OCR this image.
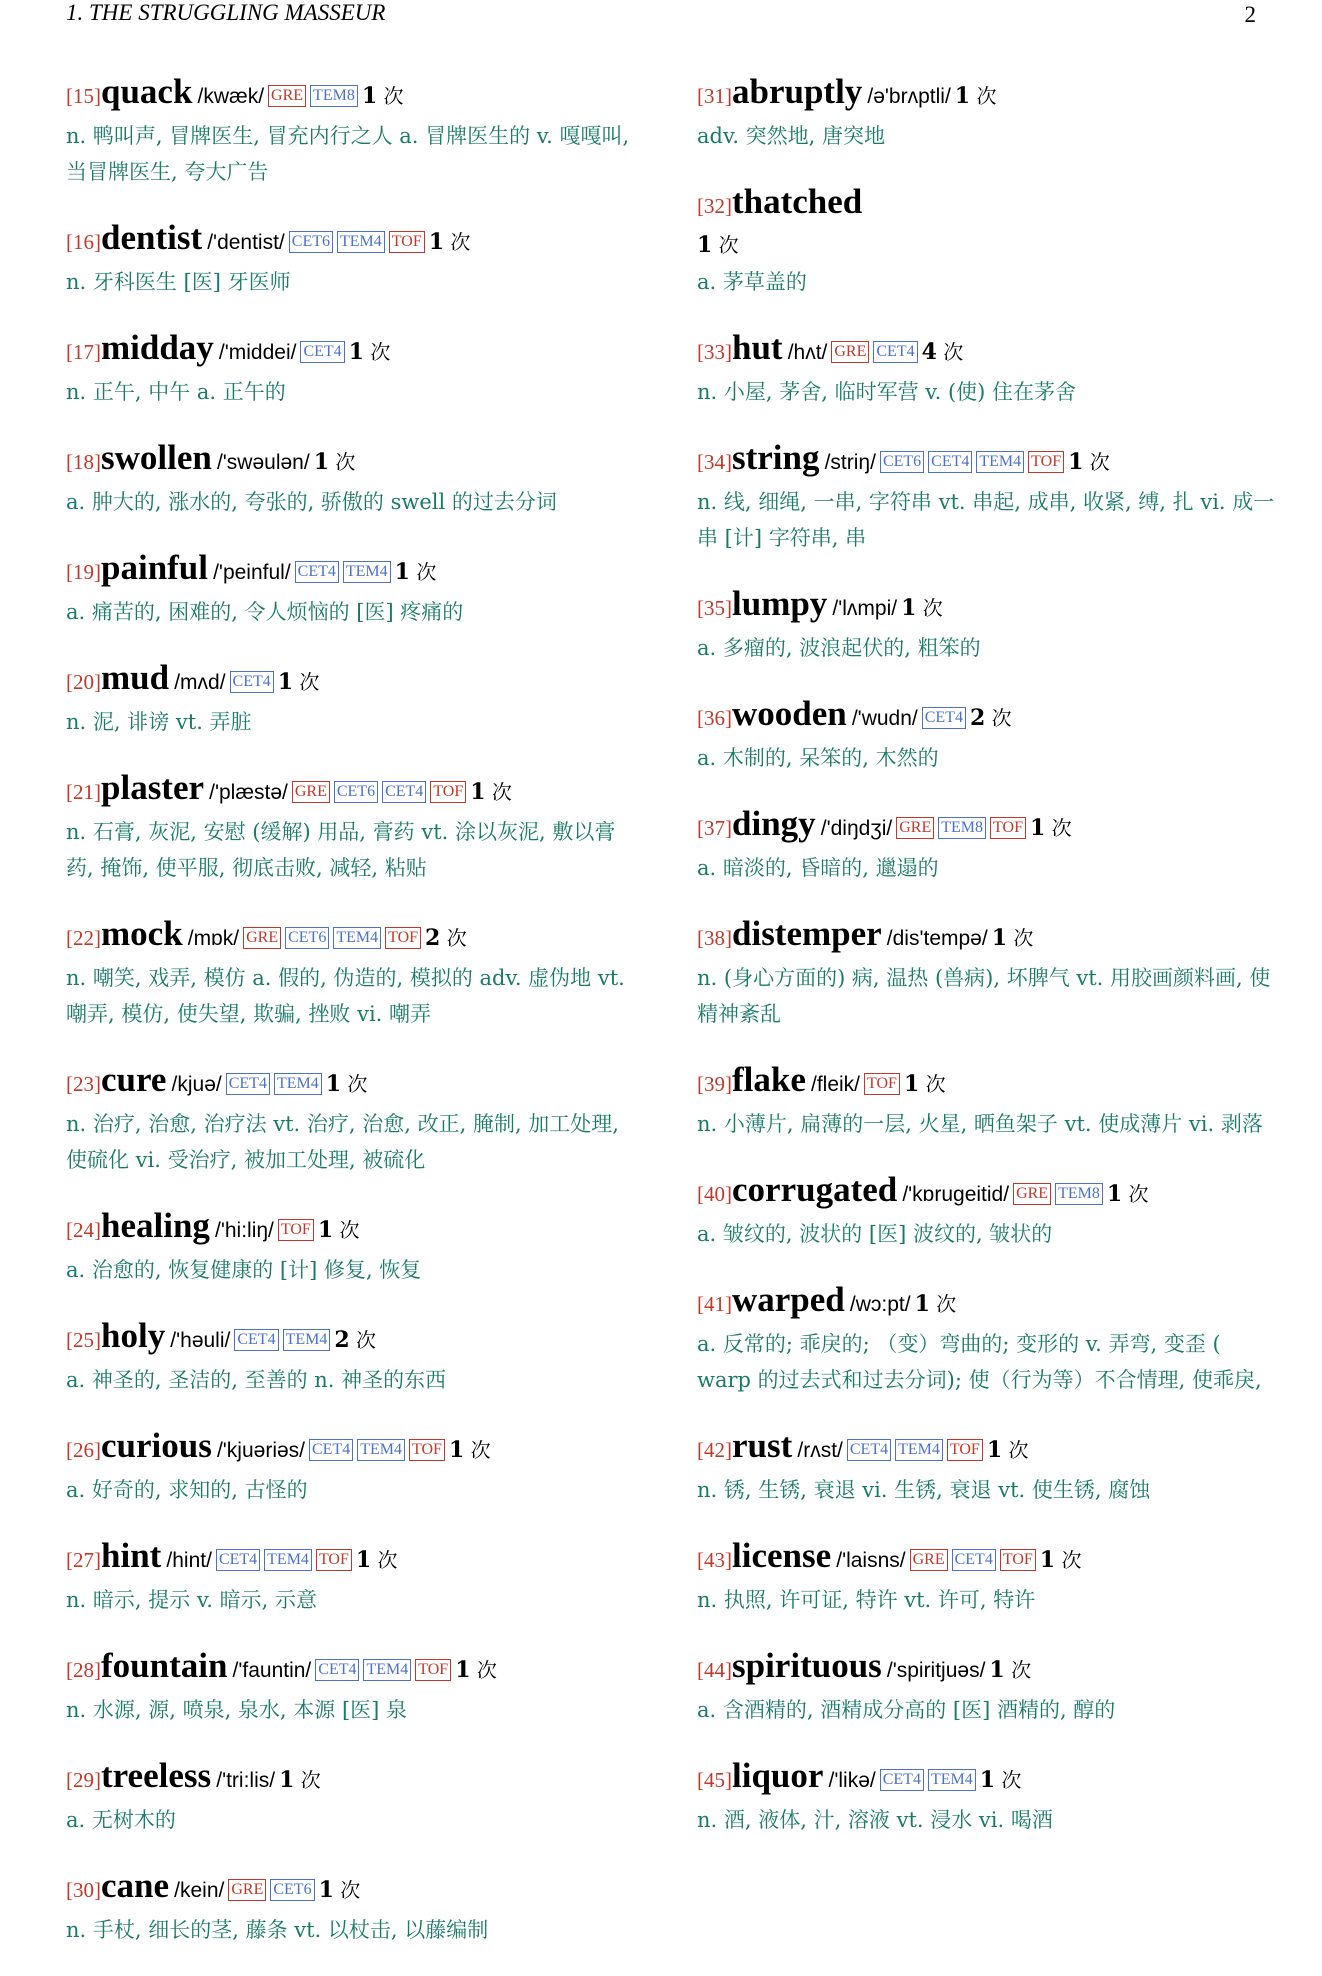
1. THE STRUGGLING MASSEUR	2
[15]quack /kwæk/ GRE TEM8 1 次
n. 鸭叫声, 冒牌医生, 冒充内行之人 a. 冒牌医生的 v. 嘎嘎叫, 当冒牌医生, 夸大广告
[16]dentist /'dentist/ CET6 TEM4 TOF 1 次
n. 牙科医生 [医] 牙医师
[17]midday /'middei/ CET4 1 次
n. 正午, 中午 a. 正午的
[18]swollen /'swəulən/ 1 次
a. 肿大的, 涨水的, 夸张的, 骄傲的 swell 的过去分词
[19]painful /'peinful/ CET4 TEM4 1 次
a. 痛苦的, 困难的, 令人烦恼的 [医] 疼痛的
[20]mud /mʌd/ CET4 1 次
n. 泥, 诽谤 vt. 弄脏
[21]plaster /'plæstə/ GRE CET6 CET4 TOF 1 次
n. 石膏, 灰泥, 安慰 (缓解) 用品, 膏药 vt. 涂以灰泥, 敷以膏药, 掩饰, 使平服, 彻底击败, 减轻, 粘贴
[22]mock /mɒk/ GRE CET6 TEM4 TOF 2 次
n. 嘲笑, 戏弄, 模仿 a. 假的, 伪造的, 模拟的 adv. 虚伪地 vt. 嘲弄, 模仿, 使失望, 欺骗, 挫败 vi. 嘲弄
[23]cure /kjuə/ CET4 TEM4 1 次
n. 治疗, 治愈, 治疗法 vt. 治疗, 治愈, 改正, 腌制, 加工处理, 使硫化 vi. 受治疗, 被加工处理, 被硫化
[24]healing /'hi:liŋ/ TOF 1 次
a. 治愈的, 恢复健康的 [计] 修复, 恢复
[25]holy /'həuli/ CET4 TEM4 2 次
a. 神圣的, 圣洁的, 至善的 n. 神圣的东西
[26]curious /'kjuəriəs/ CET4 TEM4 TOF 1 次
a. 好奇的, 求知的, 古怪的
[27]hint /hint/ CET4 TEM4 TOF 1 次
n. 暗示, 提示 v. 暗示, 示意
[28]fountain /'fauntin/ CET4 TEM4 TOF 1 次
n. 水源, 源, 喷泉, 泉水, 本源 [医] 泉
[29]treeless /'tri:lis/ 1 次
a. 无树木的
[30]cane /kein/ GRE CET6 1 次
n. 手杖, 细长的茎, 藤条 vt. 以杖击, 以藤编制
[31]abruptly /ə'brʌptli/ 1 次
adv. 突然地, 唐突地
[32]thatched
1 次
a. 茅草盖的
[33]hut /hʌt/ GRE CET4 4 次
n. 小屋, 茅舍, 临时军营 v. (使) 住在茅舍
[34]string /striŋ/ CET6 CET4 TEM4 TOF 1 次
n. 线, 细绳, 一串, 字符串 vt. 串起, 成串, 收紧, 缚, 扎 vi. 成一串 [计] 字符串, 串
[35]lumpy /'lʌmpi/ 1 次
a. 多瘤的, 波浪起伏的, 粗笨的
[36]wooden /'wudn/ CET4 2 次
a. 木制的, 呆笨的, 木然的
[37]dingy /'diŋdʒi/ GRE TEM8 TOF 1 次
a. 暗淡的, 昏暗的, 邋遢的
[38]distemper /dis'tempə/ 1 次
n. (身心方面的) 病, 温热 (兽病), 坏脾气 vt. 用胶画颜料画, 使精神紊乱
[39]flake /fleik/ TOF 1 次
n. 小薄片, 扁薄的一层, 火星, 晒鱼架子 vt. 使成薄片 vi. 剥落
[40]corrugated /'kɒrugeitid/ GRE TEM8 1 次
a. 皱纹的, 波状的 [医] 波纹的, 皱状的
[41]warped /wɔ:pt/ 1 次
a. 反常的; 乖戾的; （变）弯曲的; 变形的 v. 弄弯, 变歪 ( warp 的过去式和过去分词); 使（行为等）不合情理, 使乖戾,
[42]rust /rʌst/ CET4 TEM4 TOF 1 次
n. 锈, 生锈, 衰退 vi. 生锈, 衰退 vt. 使生锈, 腐蚀
[43]license /'laisns/ GRE CET4 TOF 1 次
n. 执照, 许可证, 特许 vt. 许可, 特许
[44]spirituous /'spiritjuəs/ 1 次
a. 含酒精的, 酒精成分高的 [医] 酒精的, 醇的
[45]liquor /'likə/ CET4 TEM4 1 次
n. 酒, 液体, 汁, 溶液 vt. 浸水 vi. 喝酒
